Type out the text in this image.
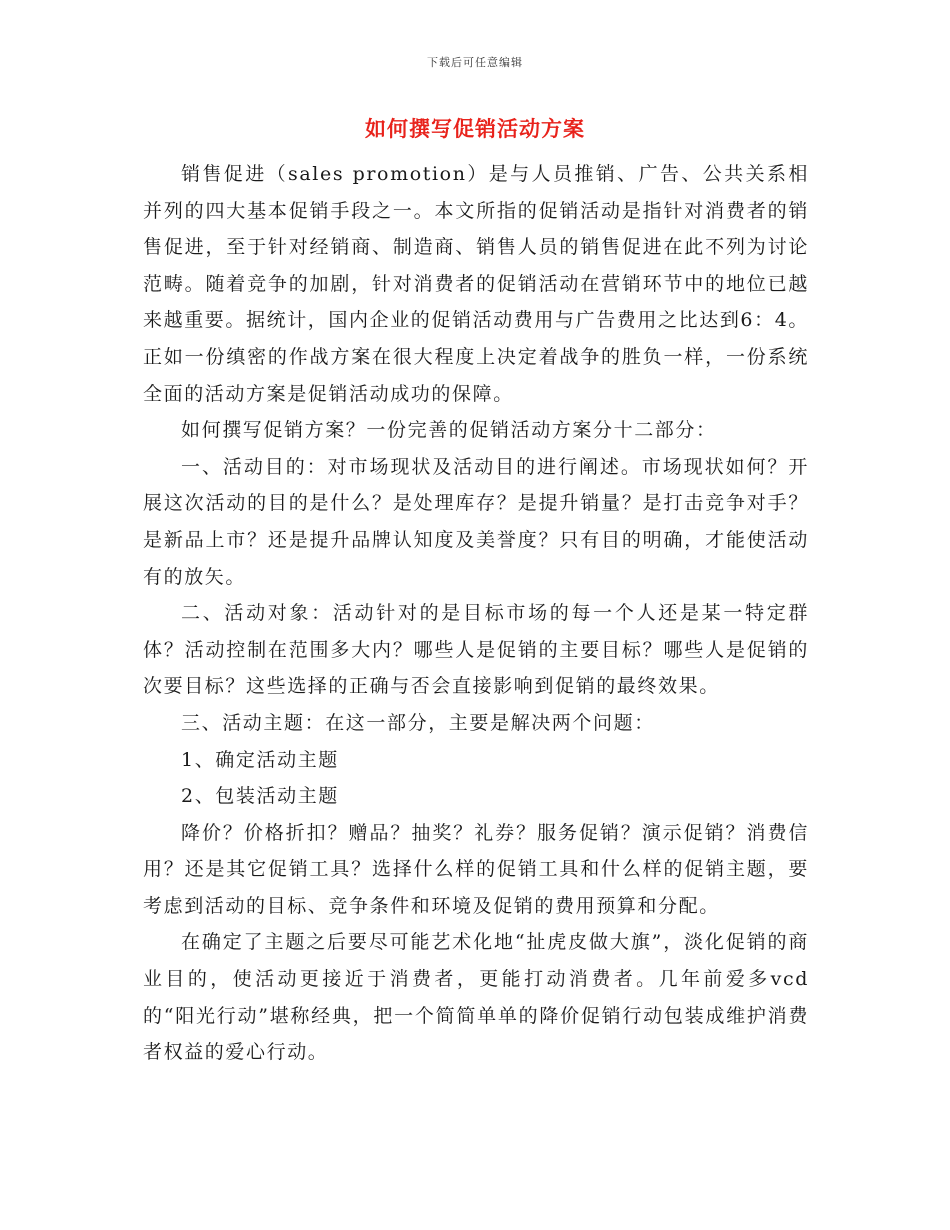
下载后可任意编辑
如何撰写促销活动方案

销售促进（sales promotion）是与人员推销、广告、公共关系相并列的四大基本促销手段之一。本文所指的促销活动是指针对消费者的销售促进，至于针对经销商、制造商、销售人员的销售促进在此不列为讨论范畴。随着竞争的加剧，针对消费者的促销活动在营销环节中的地位已越来越重要。据统计，国内企业的促销活动费用与广告费用之比达到6：4。正如一份缜密的作战方案在很大程度上决定着战争的胜负一样，一份系统全面的活动方案是促销活动成功的保障。

如何撰写促销方案？一份完善的促销活动方案分十二部分：

一、活动目的：对市场现状及活动目的进行阐述。市场现状如何？开展这次活动的目的是什么？是处理库存？是提升销量？是打击竞争对手？是新品上市？还是提升品牌认知度及美誉度？只有目的明确，才能使活动有的放矢。

二、活动对象：活动针对的是目标市场的每一个人还是某一特定群体？活动控制在范围多大内？哪些人是促销的主要目标？哪些人是促销的次要目标？这些选择的正确与否会直接影响到促销的最终效果。

三、活动主题：在这一部分，主要是解决两个问题：

1、确定活动主题

2、包装活动主题

降价？价格折扣？赠品？抽奖？礼券？服务促销？演示促销？消费信用？还是其它促销工具？选择什么样的促销工具和什么样的促销主题，要考虑到活动的目标、竞争条件和环境及促销的费用预算和分配。

在确定了主题之后要尽可能艺术化地“扯虎皮做大旗”，淡化促销的商业目的，使活动更接近于消费者，更能打动消费者。几年前爱多vcd的“阳光行动”堪称经典，把一个简简单单的降价促销行动包装成维护消费者权益的爱心行动。
